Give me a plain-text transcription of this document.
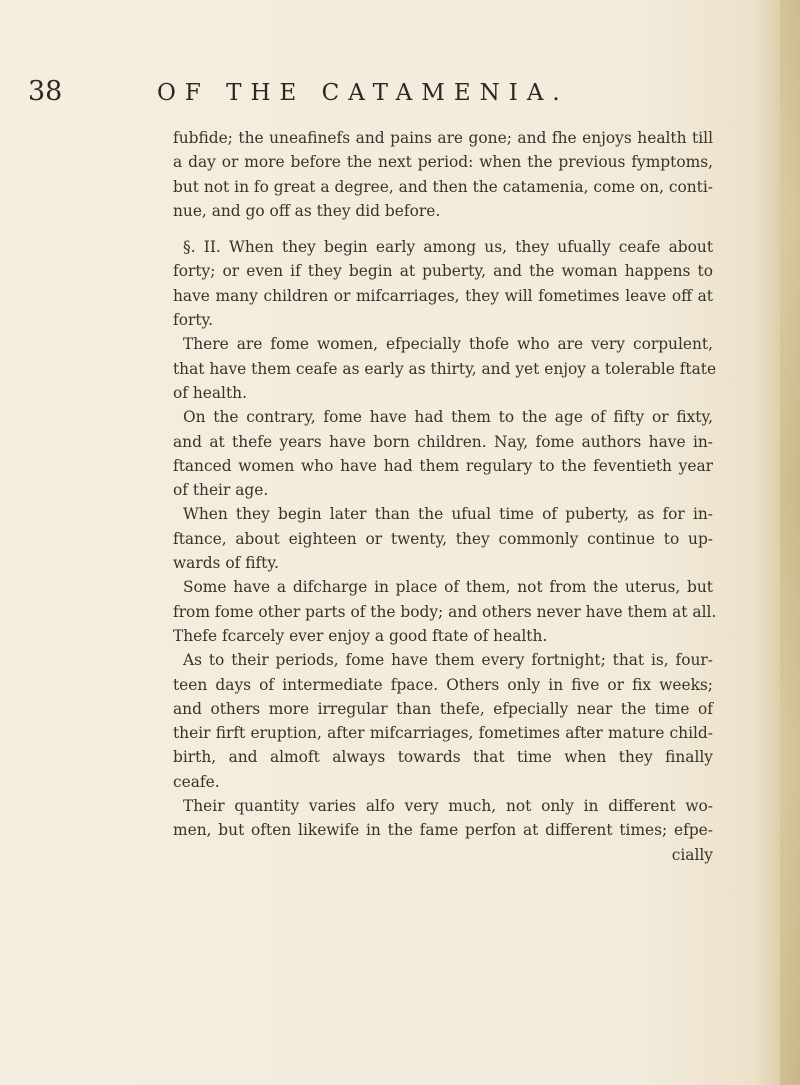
38	OF THE CATAMENIA.
fubfide; the uneafinefs and pains are gone; and fhe enjoys health till
a day or more before the next period: when the previous fymptoms,
but not in fo great a degree, and then the catamenia, come on, conti-
nue, and go off as they did before.
§. II. When they begin early among us, they ufually ceafe about
forty; or even if they begin at puberty, and the woman happens to
have many children or mifcarriages, they will fometimes leave off at
forty.
There are fome women, efpecially thofe who are very corpulent,
that have them ceafe as early as thirty, and yet enjoy a tolerable ftate
of health.
On the contrary, fome have had them to the age of fifty or fixty,
and at thefe years have born children. Nay, fome authors have in-
ftanced women who have had them regulary to the feventieth year
of their age.
When they begin later than the ufual time of puberty, as for in-
ftance, about eighteen or twenty, they commonly continue to up-
wards of fifty.
Some have a difcharge in place of them, not from the uterus, but
from fome other parts of the body; and others never have them at all.
Thefe fcarcely ever enjoy a good ftate of health.
As to their periods, fome have them every fortnight; that is, four-
teen days of intermediate fpace. Others only in five or fix weeks;
and others more irregular than thefe, efpecially near the time of
their firft eruption, after mifcarriages, fometimes after mature child-
birth, and almoft always towards that time when they finally
ceafe.
Their quantity varies alfo very much, not only in different wo-
men, but often likewife in the fame perfon at different times; efpe-
cially
